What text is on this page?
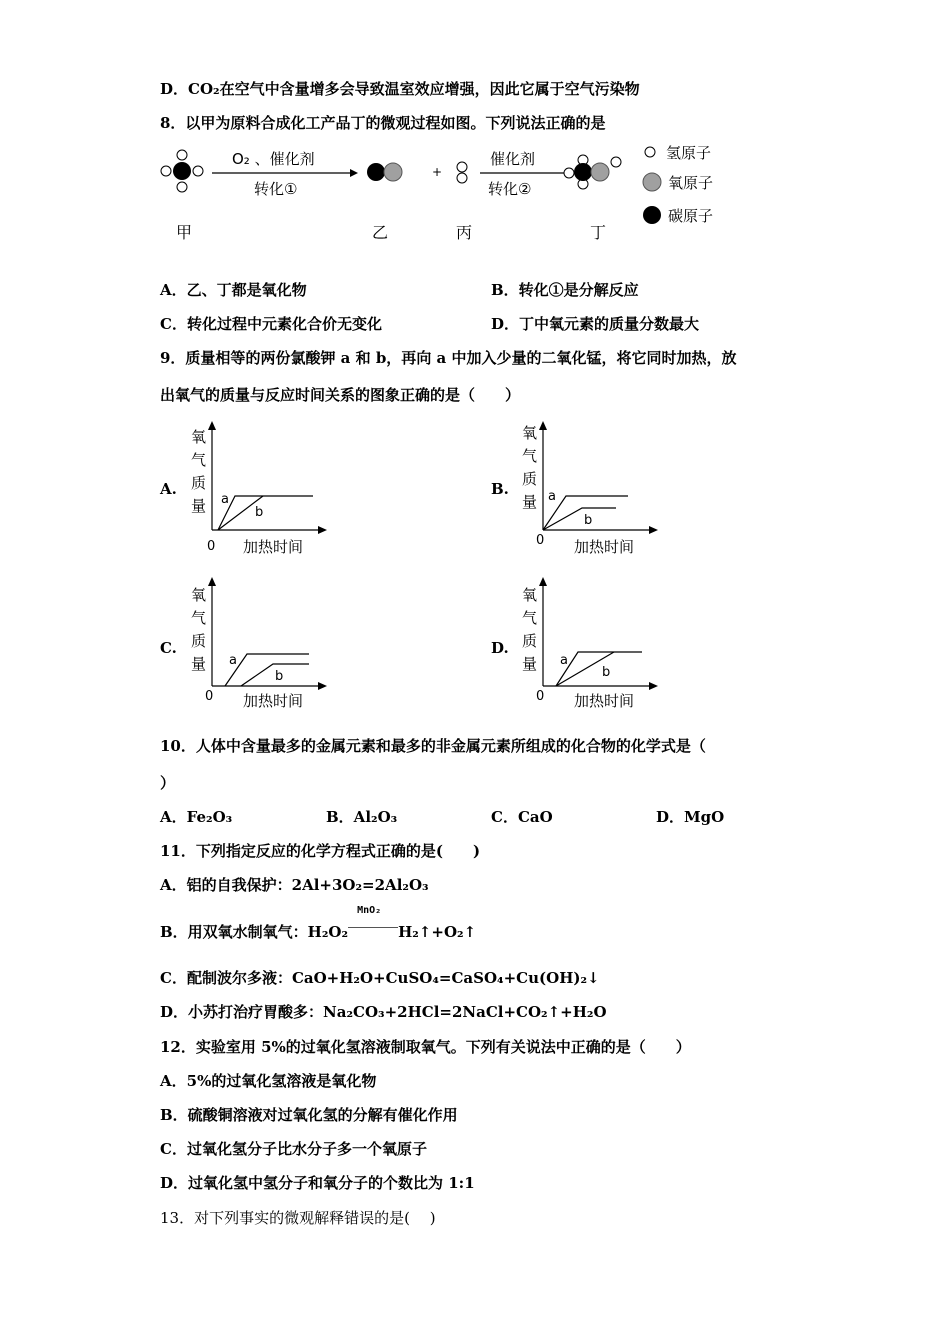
D．CO₂在空气中含量增多会导致温室效应增强，因此它属于空气污染物
8．以甲为原料合成化工产品丁的微观过程如图。下列说法正确的是
O₂ 、催化剂
转化①
+
催化剂
转化②
氢原子
氧原子
碳原子
甲	乙	丙	丁
A．乙、丁都是氧化物	B．转化①是分解反应
C．转化过程中元素化合价无变化	D．丁中氧元素的质量分数最大
9．质量相等的两份氯酸钾 a 和 b，再向 a 中加入少量的二氧化锰，将它同时加热，放
出氧气的质量与反应时间关系的图象正确的是（　　）
A.	B.
C.	D.
氧
气
质
量
0 加热时间
a
b
氧
气
质
量
0 加热时间
a
b
氧
气
质
量
0 加热时间
a
b
氧
气
质
量
0 加热时间
a
b
10．人体中含量最多的金属元素和最多的非金属元素所组成的化合物的化学式是（
）
A．Fe₂O₃	B．Al₂O₃	C．CaO	D．MgO
11．下列指定反应的化学方程式正确的是(　　)
A．铝的自我保护：2Al+3O₂=2Al₂O₃
B．用双氧水制氧气：H₂O₂
MnO₂
H₂↑+O₂↑
C．配制波尔多液：CaO+H₂O+CuSO₄=CaSO₄+Cu(OH)₂↓
D．小苏打治疗胃酸多：Na₂CO₃+2HCl=2NaCl+CO₂↑+H₂O
12．实验室用 5%的过氧化氢溶液制取氧气。下列有关说法中正确的是（　　）
A．5%的过氧化氢溶液是氧化物
B．硫酸铜溶液对过氧化氢的分解有催化作用
C．过氧化氢分子比水分子多一个氧原子
D．过氧化氢中氢分子和氧分子的个数比为 1:1
13．对下列事实的微观解释错误的是(　 )
